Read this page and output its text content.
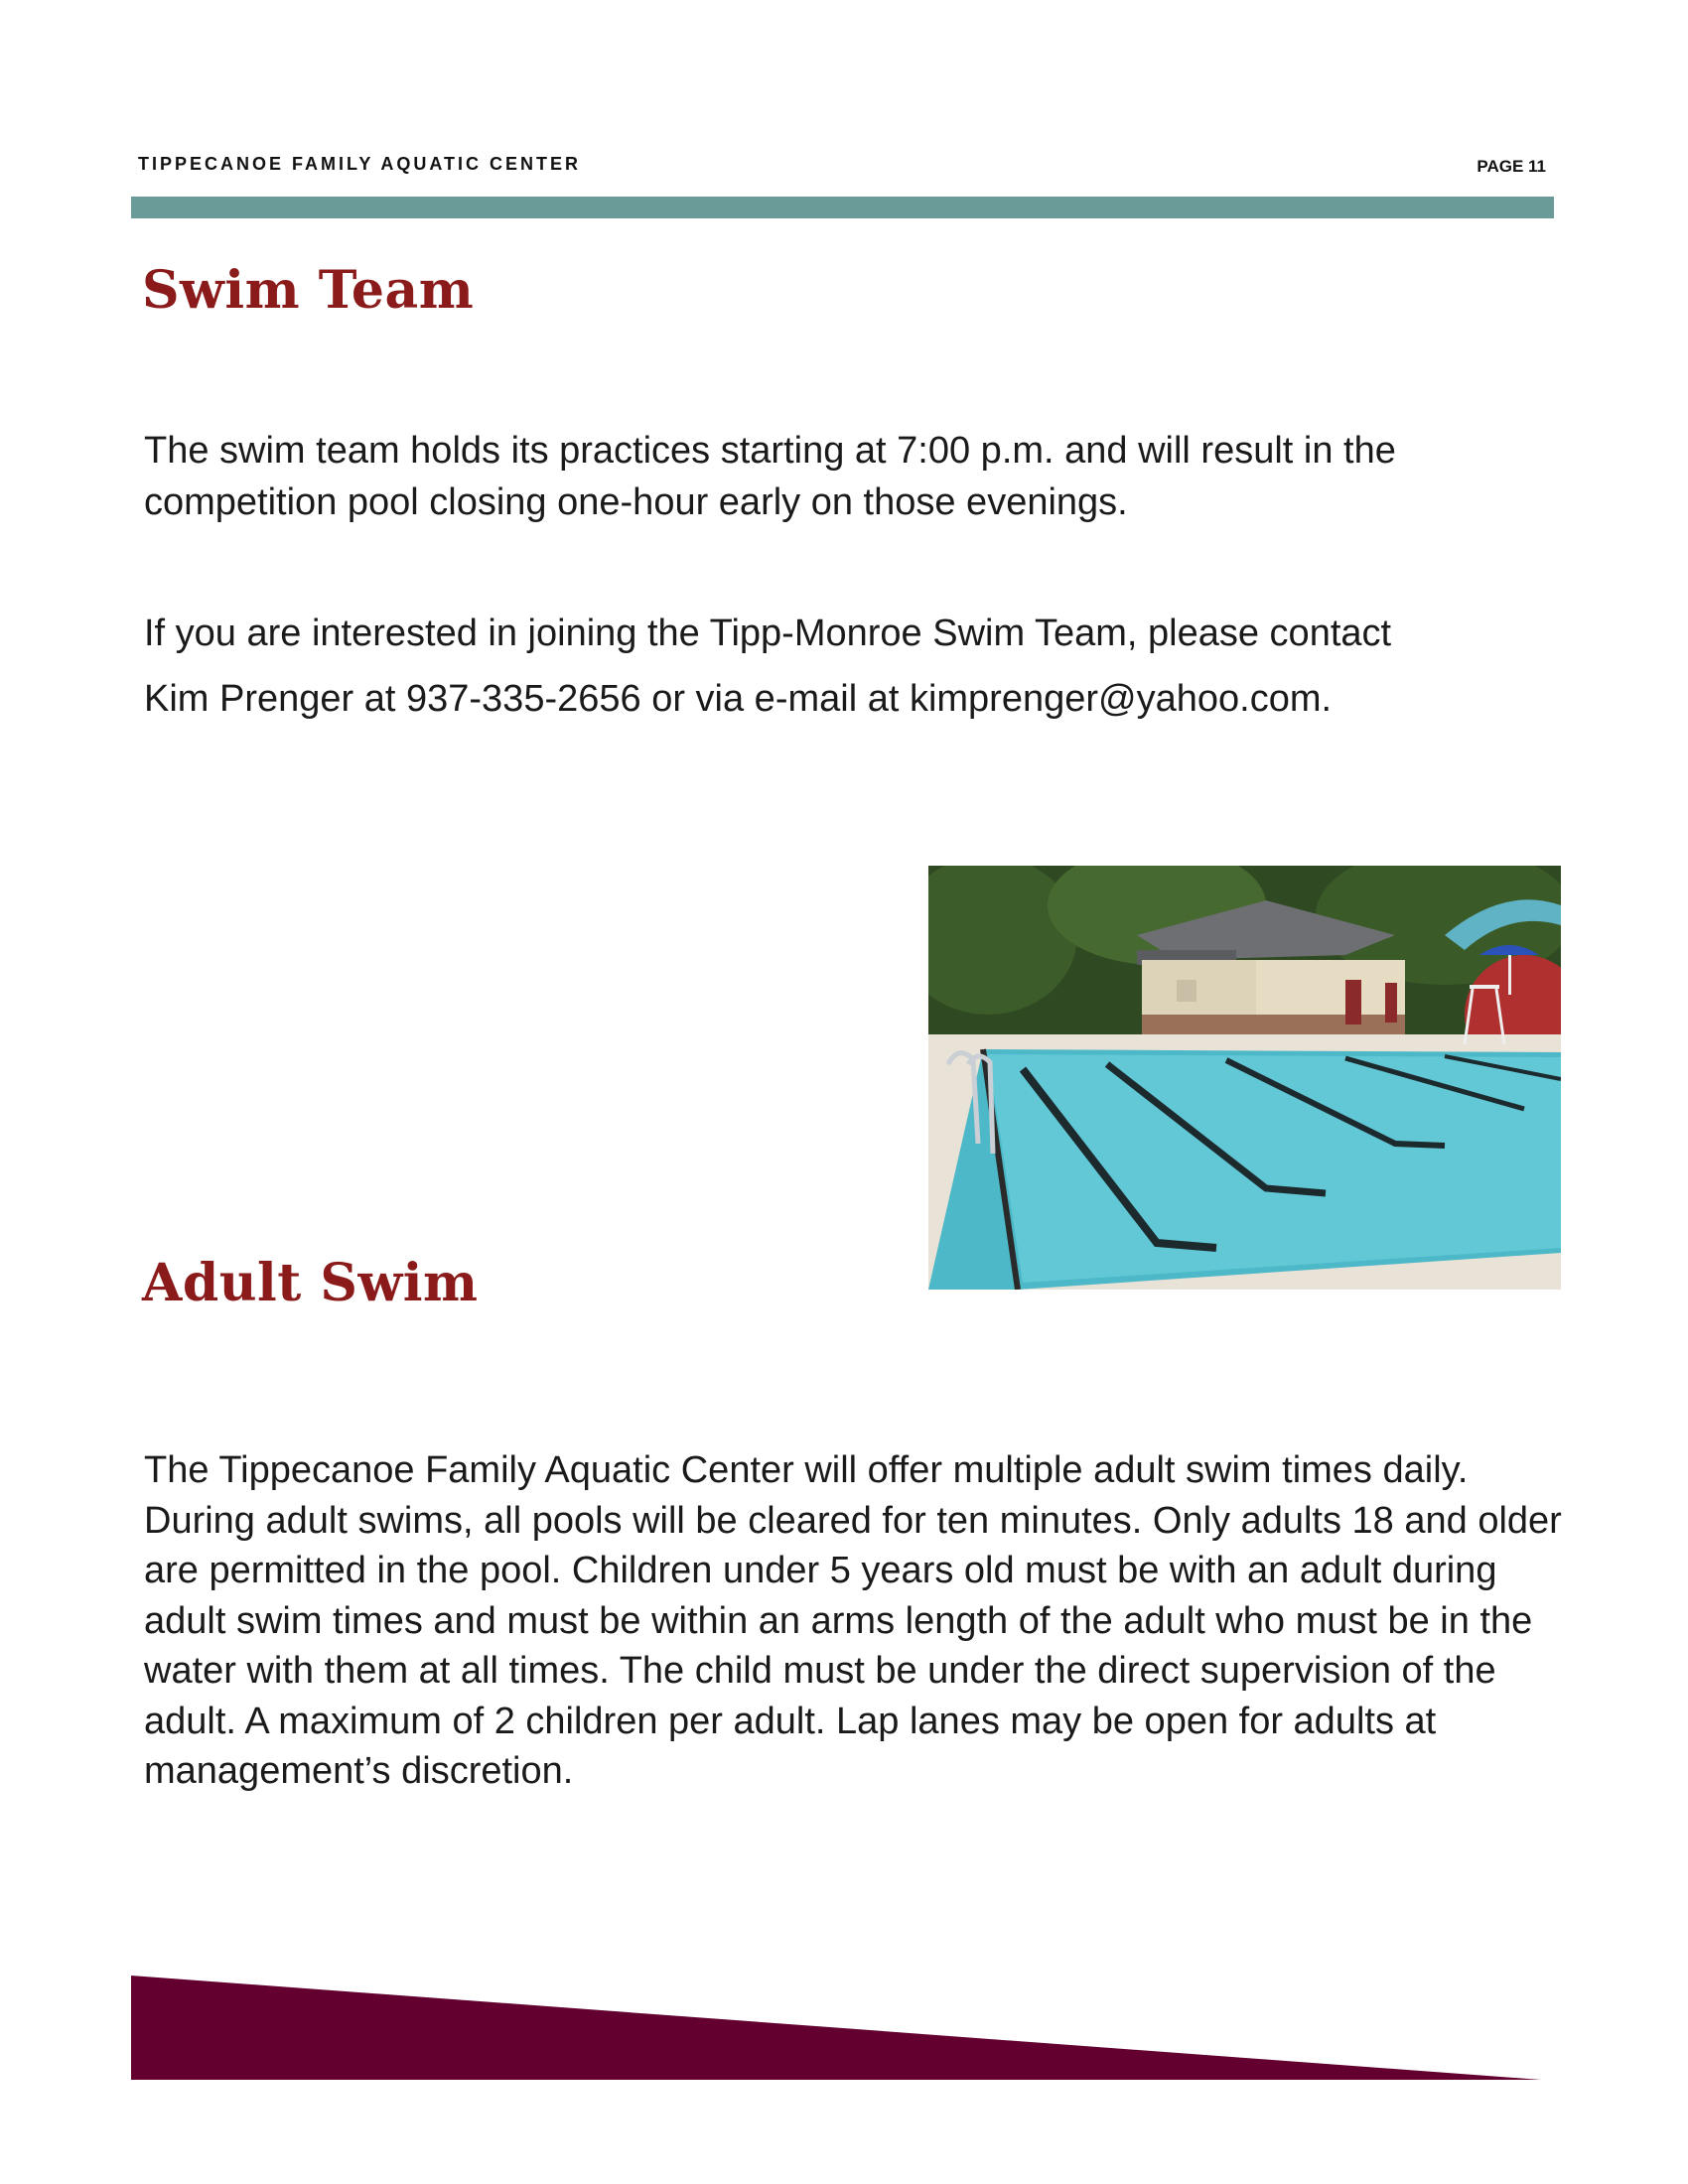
TIPPECANOE FAMILY AQUATIC CENTER	PAGE 11
Swim Team
The swim team holds its practices starting at 7:00 p.m. and will result in the competition pool closing one-hour early on those evenings.
If you are interested in joining the Tipp-Monroe Swim Team, please contact Kim Prenger at 937-335-2656 or via e-mail at kimprenger@yahoo.com.
Adult Swim
The Tippecanoe Family Aquatic Center will offer multiple adult swim times daily. During adult swims, all pools will be cleared for ten minutes. Only adults 18 and older are permitted in the pool. Children under 5 years old must be with an adult during adult swim times and must be within an arms length of the adult who must be in the water with them at all times. The child must be under the direct supervision of the adult. A maximum of 2 children per adult. Lap lanes may be open for adults at management’s discretion.
